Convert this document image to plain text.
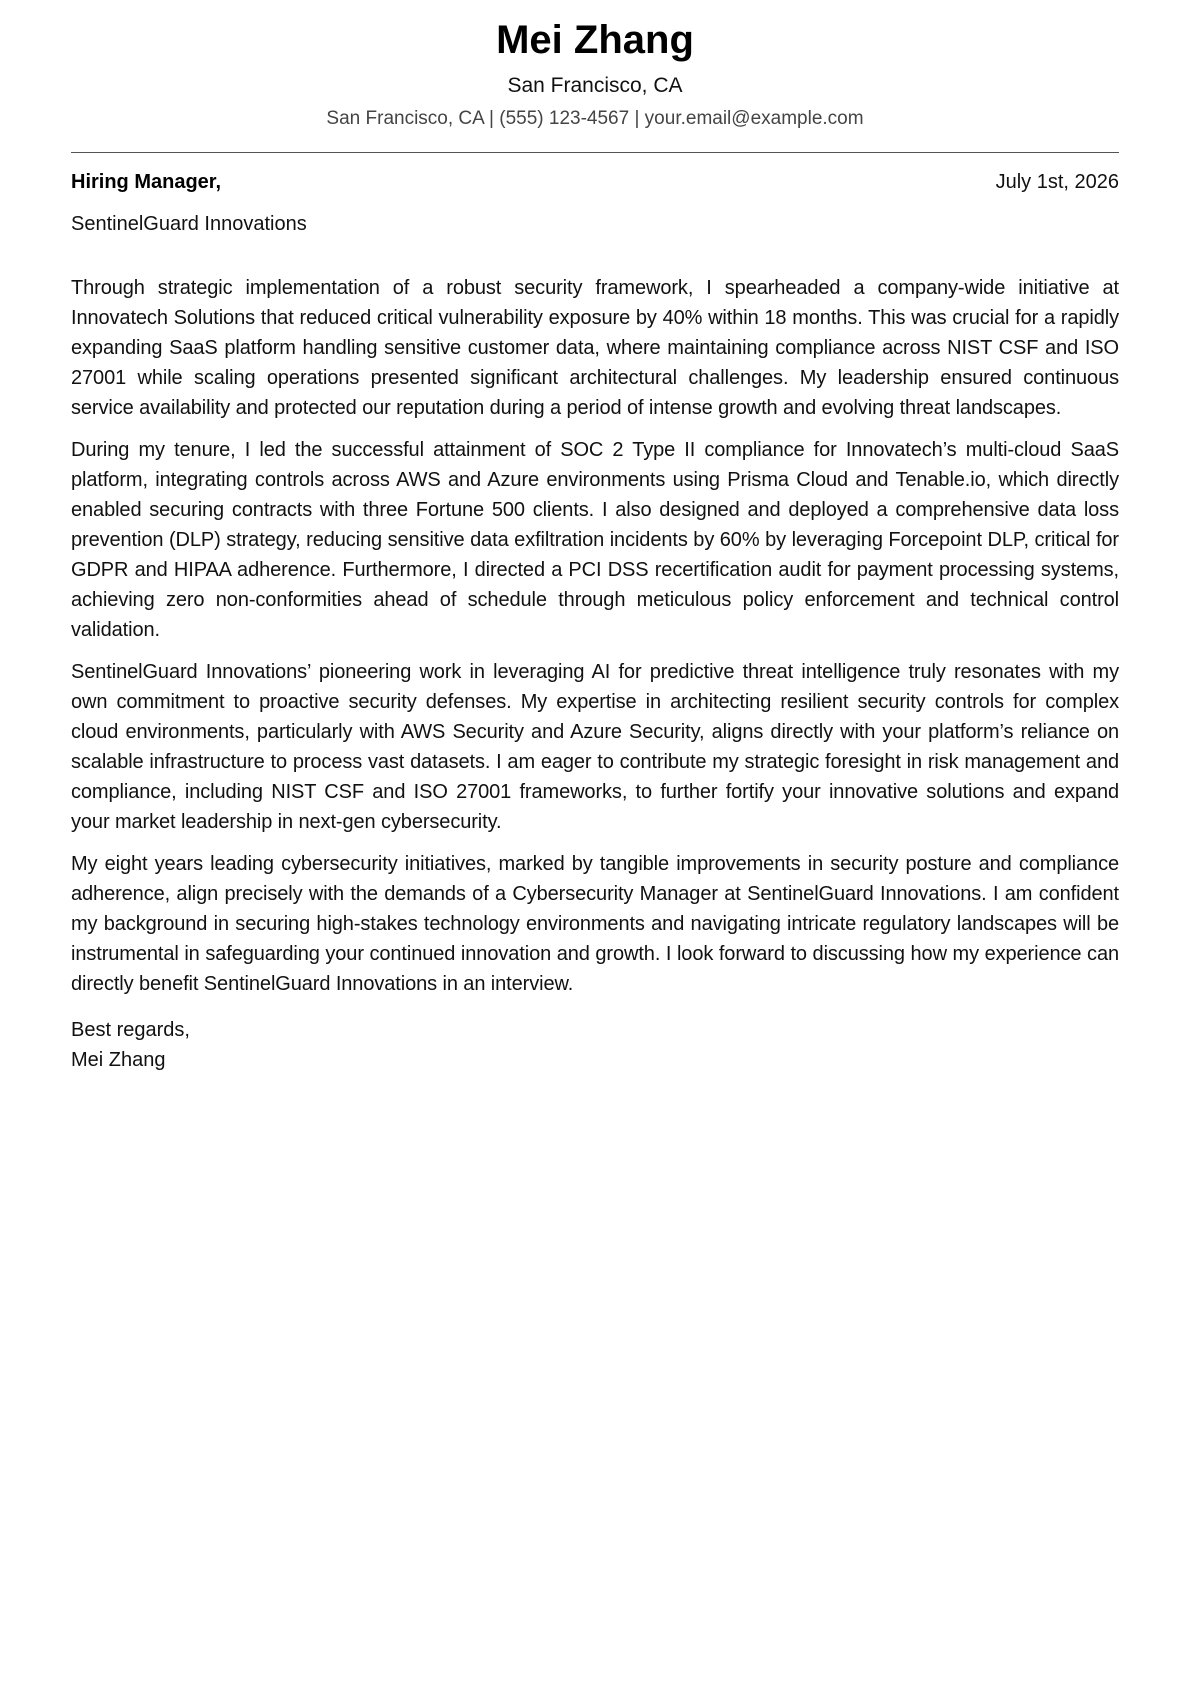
Mei Zhang
San Francisco, CA
San Francisco, CA | (555) 123-4567 | your.email@example.com
Hiring Manager,	July 1st, 2026
SentinelGuard Innovations

Through strategic implementation of a robust security framework, I spearheaded a company-wide initiative at Innovatech Solutions that reduced critical vulnerability exposure by 40% within 18 months. This was crucial for a rapidly expanding SaaS platform handling sensitive customer data, where maintaining compliance across NIST CSF and ISO 27001 while scaling operations presented significant architectural challenges. My leadership ensured continuous service availability and protected our reputation during a period of intense growth and evolving threat landscapes.

During my tenure, I led the successful attainment of SOC 2 Type II compliance for Innovatech’s multi-cloud SaaS platform, integrating controls across AWS and Azure environments using Prisma Cloud and Tenable.io, which directly enabled securing contracts with three Fortune 500 clients. I also designed and deployed a comprehensive data loss prevention (DLP) strategy, reducing sensitive data exfiltration incidents by 60% by leveraging Forcepoint DLP, critical for GDPR and HIPAA adherence. Furthermore, I directed a PCI DSS recertification audit for payment processing systems, achieving zero non-conformities ahead of schedule through meticulous policy enforcement and technical control validation.

SentinelGuard Innovations’ pioneering work in leveraging AI for predictive threat intelligence truly resonates with my own commitment to proactive security defenses. My expertise in architecting resilient security controls for complex cloud environments, particularly with AWS Security and Azure Security, aligns directly with your platform’s reliance on scalable infrastructure to process vast datasets. I am eager to contribute my strategic foresight in risk management and compliance, including NIST CSF and ISO 27001 frameworks, to further fortify your innovative solutions and expand your market leadership in next-gen cybersecurity.

My eight years leading cybersecurity initiatives, marked by tangible improvements in security posture and compliance adherence, align precisely with the demands of a Cybersecurity Manager at SentinelGuard Innovations. I am confident my background in securing high-stakes technology environments and navigating intricate regulatory landscapes will be instrumental in safeguarding your continued innovation and growth. I look forward to discussing how my experience can directly benefit SentinelGuard Innovations in an interview.

Best regards,
Mei Zhang
